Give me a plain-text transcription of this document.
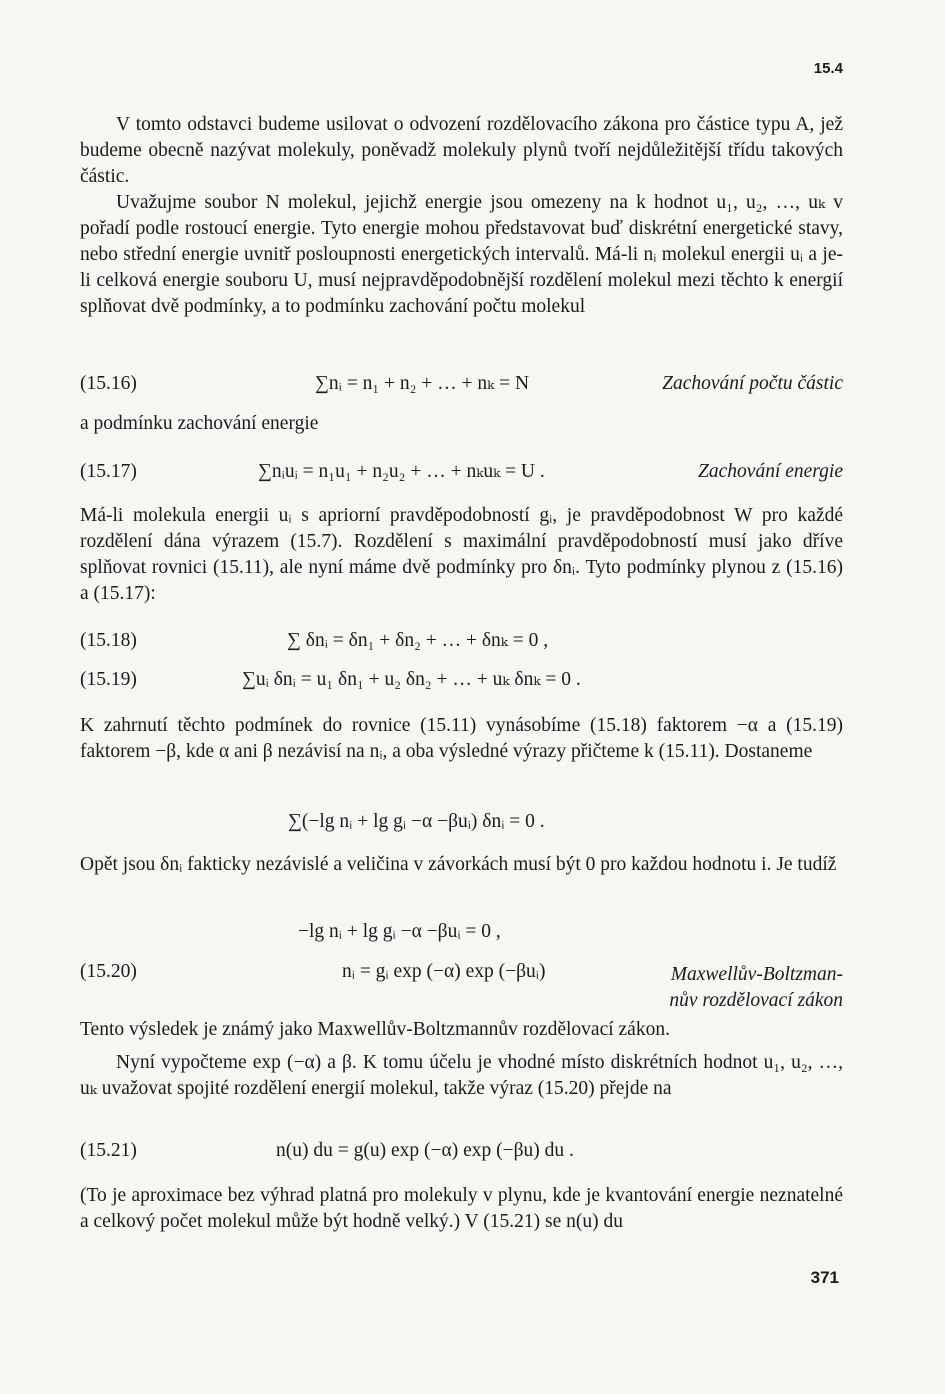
15.4
V tomto odstavci budeme usilovat o odvození rozdělovacího zákona pro částice typu A, jež budeme obecně nazývat molekuly, poněvadž molekuly plynů tvoří nejdůležitější třídu takových částic.
Uvažujme soubor N molekul, jejichž energie jsou omezeny na k hodnot u₁, u₂, …, uₖ v pořadí podle rostoucí energie. Tyto energie mohou představovat buď diskrétní energetické stavy, nebo střední energie uvnitř posloupnosti energetických intervalů. Má-li nᵢ molekul energii uᵢ a je-li celková energie souboru U, musí nejpravděpodobnější rozdělení molekul mezi těchto k energií splňovat dvě podmínky, a to podmínku zachování počtu molekul
(15.16)	∑nᵢ = n₁ + n₂ + … + nₖ = N	Zachování počtu částic
a podmínku zachování energie
(15.17)	∑nᵢuᵢ = n₁u₁ + n₂u₂ + … + nₖuₖ = U .	Zachování energie
Má-li molekula energii uᵢ s apriorní pravděpodobností gᵢ, je pravděpodobnost W pro každé rozdělení dána výrazem (15.7). Rozdělení s maximální pravděpodobností musí jako dříve splňovat rovnici (15.11), ale nyní máme dvě podmínky pro δnᵢ. Tyto podmínky plynou z (15.16) a (15.17):
(15.18)	∑ δnᵢ = δn₁ + δn₂ + … + δnₖ = 0 ,
(15.19)	∑uᵢ δnᵢ = u₁ δn₁ + u₂ δn₂ + … + uₖ δnₖ = 0 .
K zahrnutí těchto podmínek do rovnice (15.11) vynásobíme (15.18) faktorem −α a (15.19) faktorem −β, kde α ani β nezávisí na nᵢ, a oba výsledné výrazy přičteme k (15.11). Dostaneme
∑(−lg nᵢ + lg gᵢ −α −βuᵢ) δnᵢ = 0 .
Opět jsou δnᵢ fakticky nezávislé a veličina v závorkách musí být 0 pro každou hodnotu i. Je tudíž
−lg nᵢ + lg gᵢ −α −βuᵢ = 0 ,
(15.20)	nᵢ = gᵢ exp (−α) exp (−βuᵢ)	Maxwellův-Boltzman-
nův rozdělovací zákon
Tento výsledek je známý jako Maxwellův-Boltzmannův rozdělovací zákon.
Nyní vypočteme exp (−α) a β. K tomu účelu je vhodné místo diskrétních hodnot u₁, u₂, …, uₖ uvažovat spojité rozdělení energií molekul, takže výraz (15.20) přejde na
(15.21)	n(u) du = g(u) exp (−α) exp (−βu) du .
(To je aproximace bez výhrad platná pro molekuly v plynu, kde je kvantování energie neznatelné a celkový počet molekul může být hodně velký.) V (15.21) se n(u) du
371
